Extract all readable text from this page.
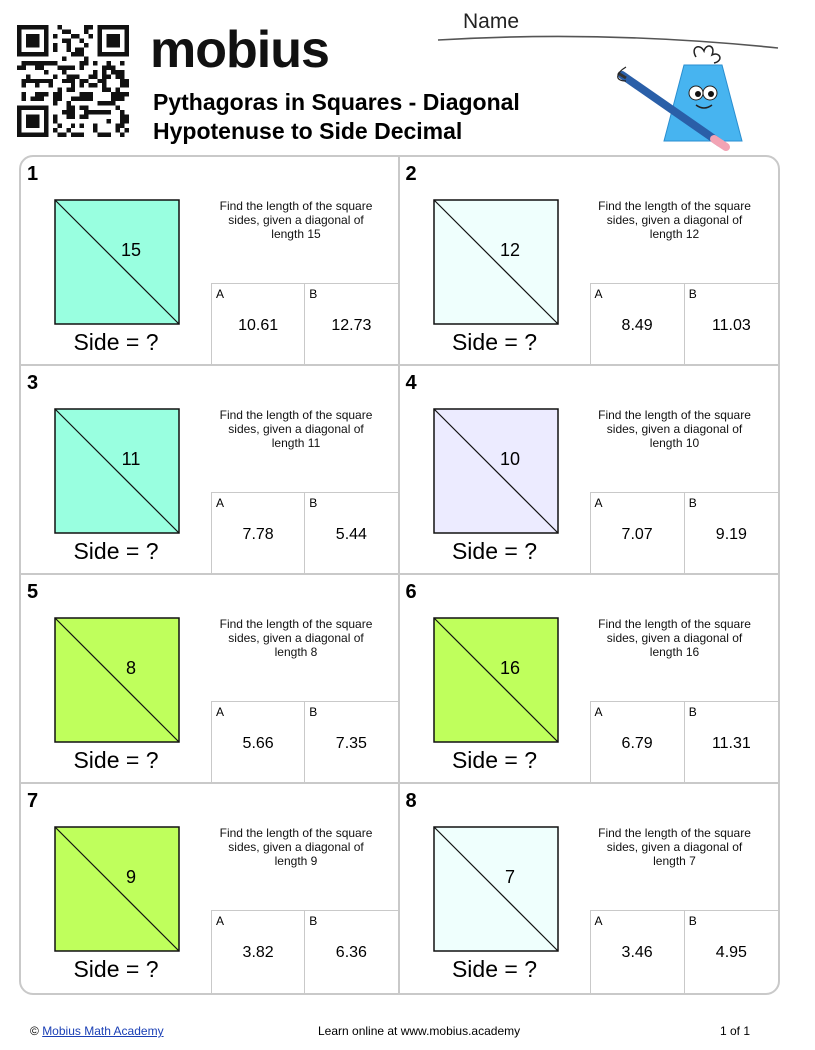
mobius
Pythagoras in Squares - Diagonal
Hypotenuse to Side Decimal
Name
1
15
Side = ?
Find the length of the square sides, given a diagonal of length 15
A
10.61
B
12.73
2
12
Side = ?
Find the length of the square sides, given a diagonal of length 12
A
8.49
B
11.03
3
11
Side = ?
Find the length of the square sides, given a diagonal of length 11
A
7.78
B
5.44
4
10
Side = ?
Find the length of the square sides, given a diagonal of length 10
A
7.07
B
9.19
5
8
Side = ?
Find the length of the square sides, given a diagonal of length 8
A
5.66
B
7.35
6
16
Side = ?
Find the length of the square sides, given a diagonal of length 16
A
6.79
B
11.31
7
9
Side = ?
Find the length of the square sides, given a diagonal of length 9
A
3.82
B
6.36
8
7
Side = ?
Find the length of the square sides, given a diagonal of length 7
A
3.46
B
4.95
© Mobius Math Academy	Learn online at www.mobius.academy	1 of 1
